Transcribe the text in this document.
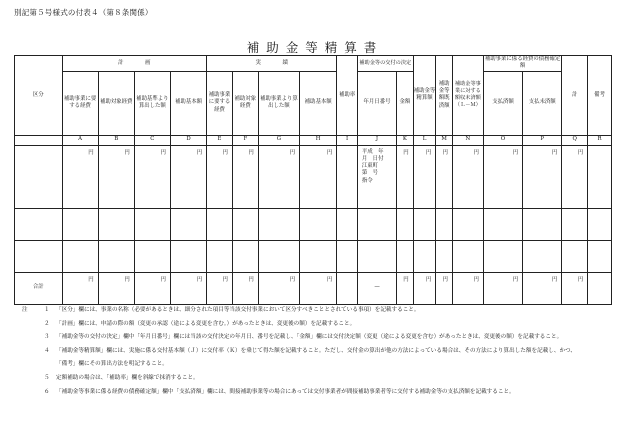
別記第５号様式の付表４（第８条関係）
補助金等精算書
区分	計　　　　画				実　　　　績				補助率	補助金等の交付の決定		補助金等精算額	補助金等額既済額	補助金等事業に対する額収未済額（Ｌ－Ｍ）	補助事業に係る経費の債務確定額		計	備考
	補助事業に要する経費	補助対象経費	補助基準より算出した額	補助基本額	補助事業に要する経費	補助対象経費	補助事業より算出した額	補助基本額		年月日番号	金額				支払済額	支払未済額		
	A	B	C	D	E	F	G	H	I	J	K	L	M	N	O	P	Q	R
	円	円	円	円	円	円	円	円		平成　年
月　日付
江東町
第　号
指令	円	円	円	円	円	円	円	

合計	円	円	円	円	円	円	円	円		—	円	円	円	円	円	円	円	
注	１ 「区分」欄には、事業の名称（必要があるときは、細分された項目等当該交付事業において区分すべきこととされている事項）を記載すること。
２ 「計画」欄には、申請の際の額（変更の承認（途による変更を含む。）があったときは、変更後の額）を記載すること。
３ 「補助金等の交付の決定」欄中「年月日番号」欄には当該の交付決定の年月日、番号を記載し、「金額」欄には交付決定額（変更（途による変更を含む）があったときは、変更後の額）を記載すること。
４ 「補助金等精算額」欄には、実施に係る交付基本額（Ｊ）に交付率（Ｋ）を乗じて得た額を記載すること。ただし、交付金の算出が他の方法によっている場合は、その方法により算出した額を記載し、かつ、
「備考」欄にその算出方法を明記すること。
５ 定額補助の場合は、「補助率」欄を斜線で抹消すること。
６ 「補助金等事業に係る経費の債務確定額」欄中「支払済額」欄には、間接補助事業等の場合にあっては交付事業者が間接補助事業者等に交付する補助金等の支払済額を記載すること。
